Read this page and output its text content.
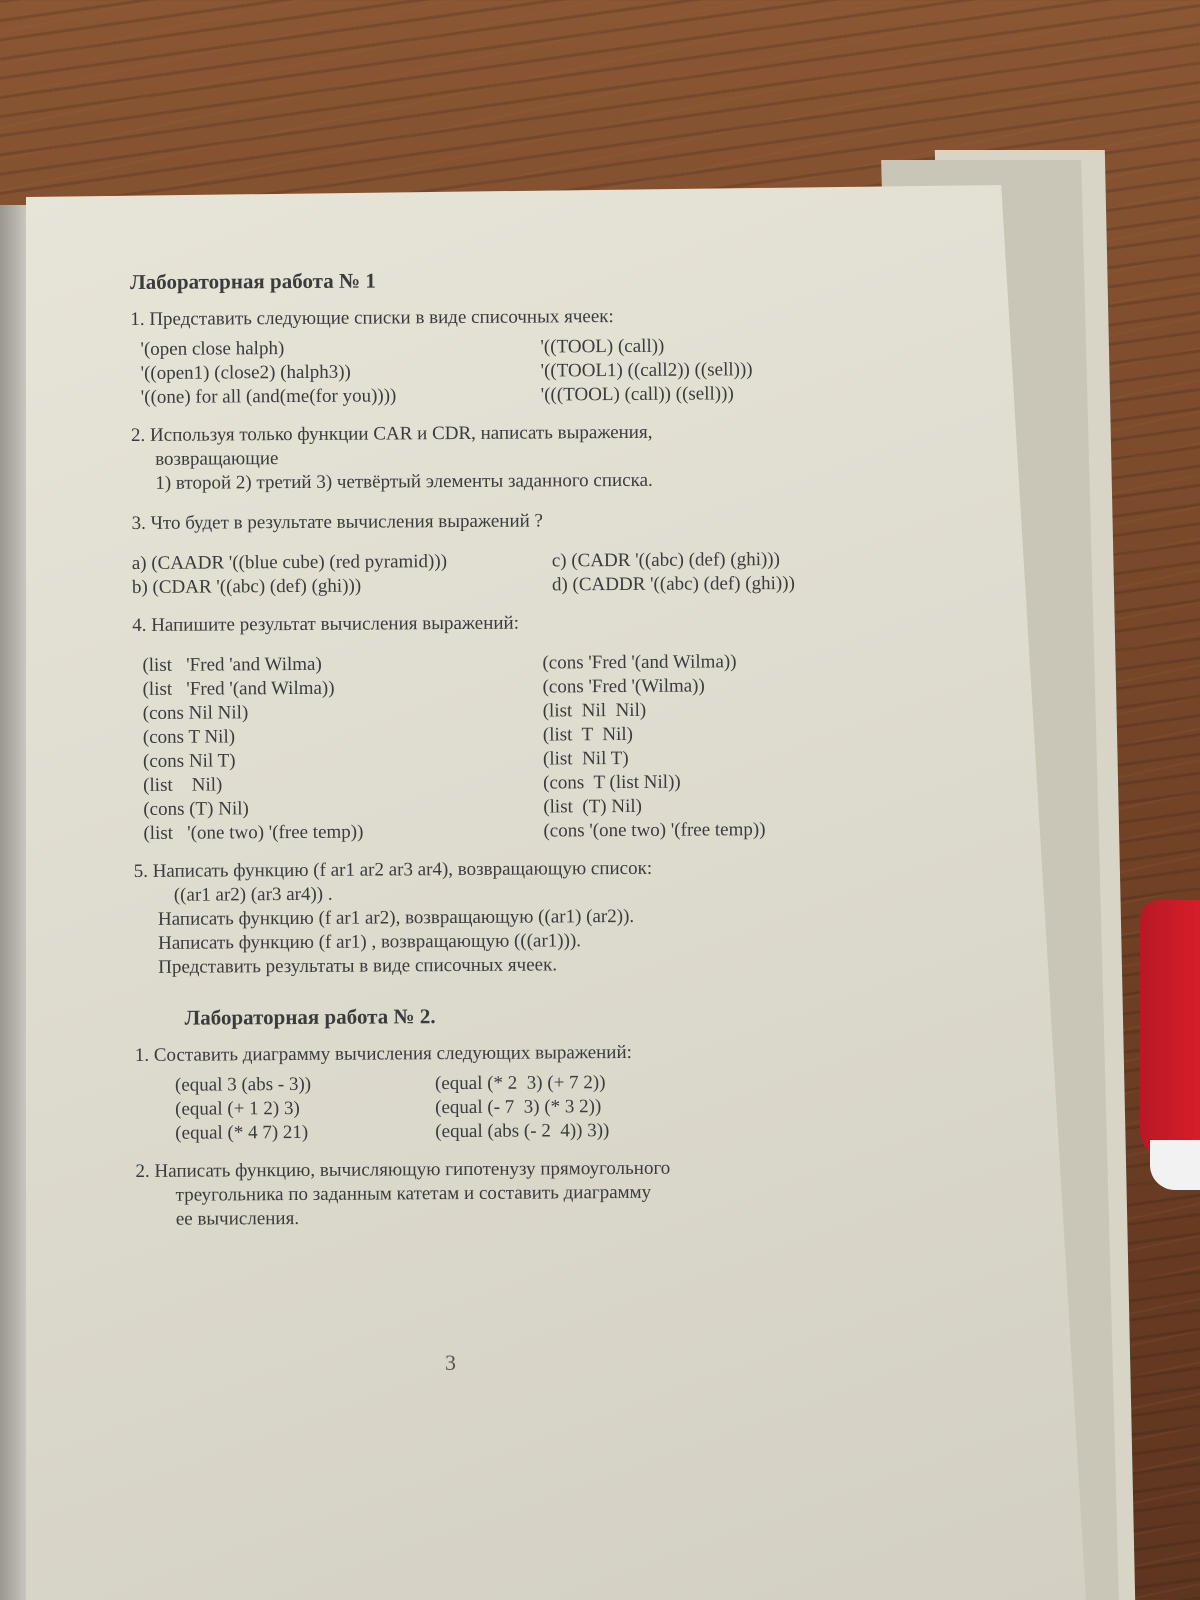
Лабораторная работа № 1
1. Представить следующие списки в виде списочных ячеек:
'(open close halph)
'((open1) (close2) (halph3))
'((one) for all (and(me(for you))))
'((TOOL) (call))
'((TOOL1) ((call2)) ((sell)))
'(((TOOL) (call)) ((sell)))
2. Используя только функции CAR и CDR, написать выражения,
возвращающие
1) второй 2) третий 3) четвёртый элементы заданного списка.
3. Что будет в результате вычисления выражений ?
a) (CAADR '((blue cube) (red pyramid)))
b) (CDAR '((abc) (def) (ghi)))
c) (CADR '((abc) (def) (ghi)))
d) (CADDR '((abc) (def) (ghi)))
4. Напишите результат вычисления выражений:
(list   'Fred 'and Wilma)
(list   'Fred '(and Wilma))
(cons Nil Nil)
(cons T Nil)
(cons Nil T)
(list    Nil)
(cons (T) Nil)
(list   '(one two) '(free temp))
(cons 'Fred '(and Wilma))
(cons 'Fred '(Wilma))
(list  Nil  Nil)
(list  T  Nil)
(list  Nil T)
(cons  T (list Nil))
(list  (T) Nil)
(cons '(one two) '(free temp))
5. Написать функцию (f ar1 ar2 ar3 ar4), возвращающую список:
((ar1 ar2) (ar3 ar4)) .
Написать функцию (f ar1 ar2), возвращающую ((ar1) (ar2)).
Написать функцию (f ar1) , возвращающую (((ar1))).
Представить результаты в виде списочных ячеек.
Лабораторная работа № 2.
1. Составить диаграмму вычисления следующих выражений:
(equal 3 (abs - 3))
(equal (+ 1 2) 3)
(equal (* 4 7) 21)
(equal (* 2  3) (+ 7 2))
(equal (- 7  3) (* 3 2))
(equal (abs (- 2  4)) 3))
2. Написать функцию, вычисляющую гипотенузу прямоугольного
треугольника по заданным катетам и составить диаграмму
ее вычисления.
3
